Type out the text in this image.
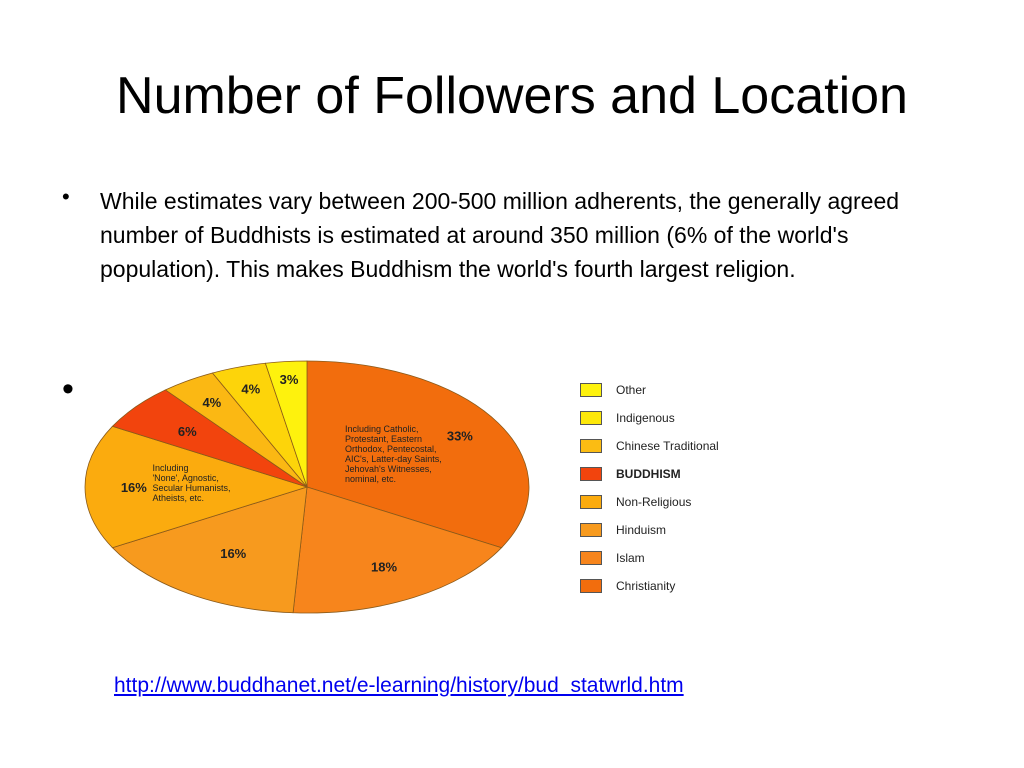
Number of Followers and Location
• While estimates vary between 200-500 million adherents, the generally agreed number of Buddhists is estimated at around 350 million (6% of the world's population). This makes Buddhism the world's fourth largest religion.
•
33%
Including Catholic,
Protestant, Eastern
Orthodox, Pentecostal,
AIC's, Latter-day Saints,
Jehovah's Witnesses,
nominal, etc.
18%
16%
16%
Including
'None', Agnostic,
Secular Humanists,
Atheists, etc.
6%
4%
4%
3%
Other
Indigenous
Chinese Traditional
BUDDHISM
Non-Religious
Hinduism
Islam
Christianity
http://www.buddhanet.net/e-learning/history/bud_statwrld.htm
